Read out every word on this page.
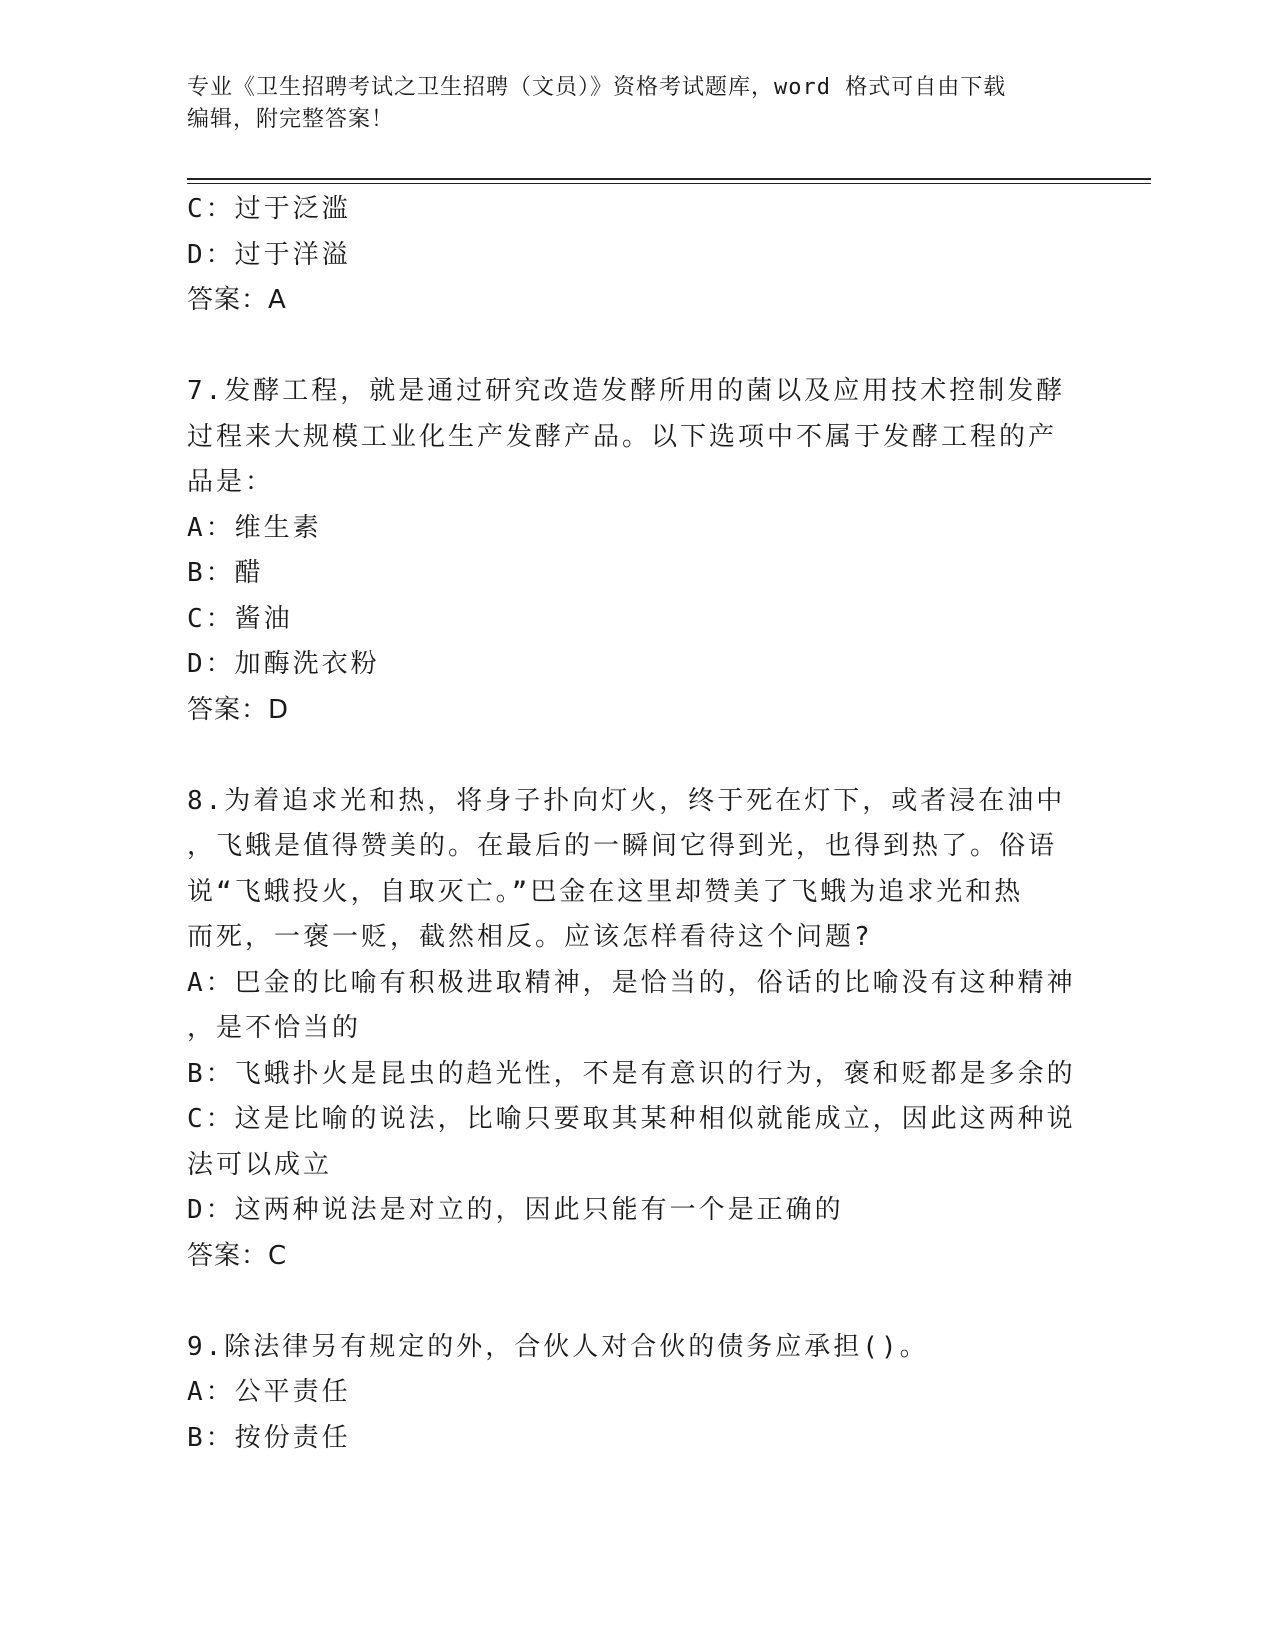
专业《卫生招聘考试之卫生招聘（文员）》资格考试题库，word 格式可自由下载
编辑，附完整答案！
C：过于泛滥
D：过于洋溢
答案：A
7.发酵工程，就是通过研究改造发酵所用的菌以及应用技术控制发酵
过程来大规模工业化生产发酵产品。以下选项中不属于发酵工程的产
品是：
A：维生素
B：醋
C：酱油
D：加酶洗衣粉
答案：D
8.为着追求光和热，将身子扑向灯火，终于死在灯下，或者浸在油中
，飞蛾是值得赞美的。在最后的一瞬间它得到光，也得到热了。俗语
说“飞蛾投火，自取灭亡。”巴金在这里却赞美了飞蛾为追求光和热
而死，一褒一贬，截然相反。应该怎样看待这个问题?
A：巴金的比喻有积极进取精神，是恰当的，俗话的比喻没有这种精神
，是不恰当的
B：飞蛾扑火是昆虫的趋光性，不是有意识的行为，褒和贬都是多余的
C：这是比喻的说法，比喻只要取其某种相似就能成立，因此这两种说
法可以成立
D：这两种说法是对立的，因此只能有一个是正确的
答案：C
9.除法律另有规定的外，合伙人对合伙的债务应承担()。
A：公平责任
B：按份责任
